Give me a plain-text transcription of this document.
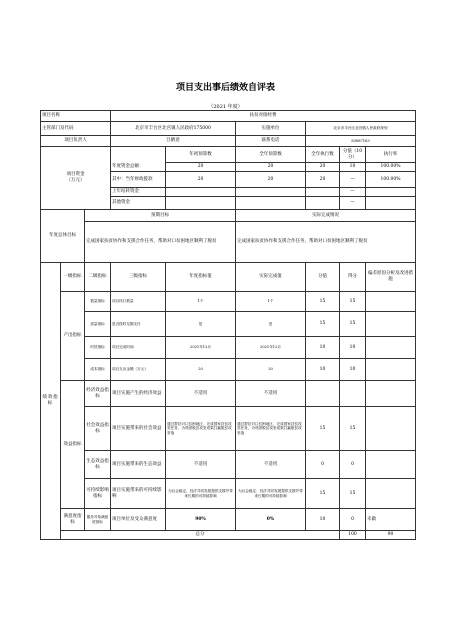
项目支出事后绩效自评表
（2021 年度）
项目名称			扶贫对接经费						
主管部门及代码			北京市丰台区北宫镇人民政府175000		实施单位	北京市丰台区北宫镇人民政府规划			
项目负责人			吕陋意		联系电话	83887163			
项目资金
（万元）				年初预算数	全年预算数	全年执行数	分值（10分）	执行率	
			年度资金总额：	20	20	20	10	100.00%	
			其中：当年财政拨款	20	20	20	—	100.00%	
			上年结转资金				—		
			其他资金				—		
年度总体目标		预期目标			实际完成情况				
		完成国家扶贫协作和支援合作任务，帮助对口贫困地区顺利了脱贫			完成国家扶贫协作和支援合作任务，帮助对口贫困地区顺利了脱贫				
绩效指标	一级指标	二级指标	三级指标	年度指标值	实际完成值	分值	得分	偏差原因分析及改进措施	
	产出指标	数量指标	项目执行数量	1个	1个	15	15		
		质量指标	是否按时足额支付	是	是	15	15		
		时效指标	项目完成时间	2021年12月	2021年12月	10	10		
		成本指标	项目支出金额（万元）	20	20	10	10		
	效益指标	经济效益指标	项目实施产生的经济效益	不适用	不适用				
		社会效益指标	项目实施带来的社会效益	通过帮扶对口贫困地区，完成国家扶贫攻坚任务，为巩固脱贫攻坚成果打赢脱贫攻坚战	通过帮扶对口贫困地区，完成国家扶贫攻坚任务，为巩固脱贫攻坚成果打赢脱贫攻坚战	15	15		
		生态效益指标	项目实施带来的生态效益	不适用	不适用	0	0		
		可持续影响指标	项目实施带来的可持续影响	为社会稳定、经济共同发展提供支撑并带来长期的可持续影响	为社会稳定、经济共同发展提供支撑并带来长期的可持续影响	15	15		
	满意度指标	服务对象满意度指标	项目单位及受众满意度	90%	0%	10	0	未做	
	总分						100	90	
